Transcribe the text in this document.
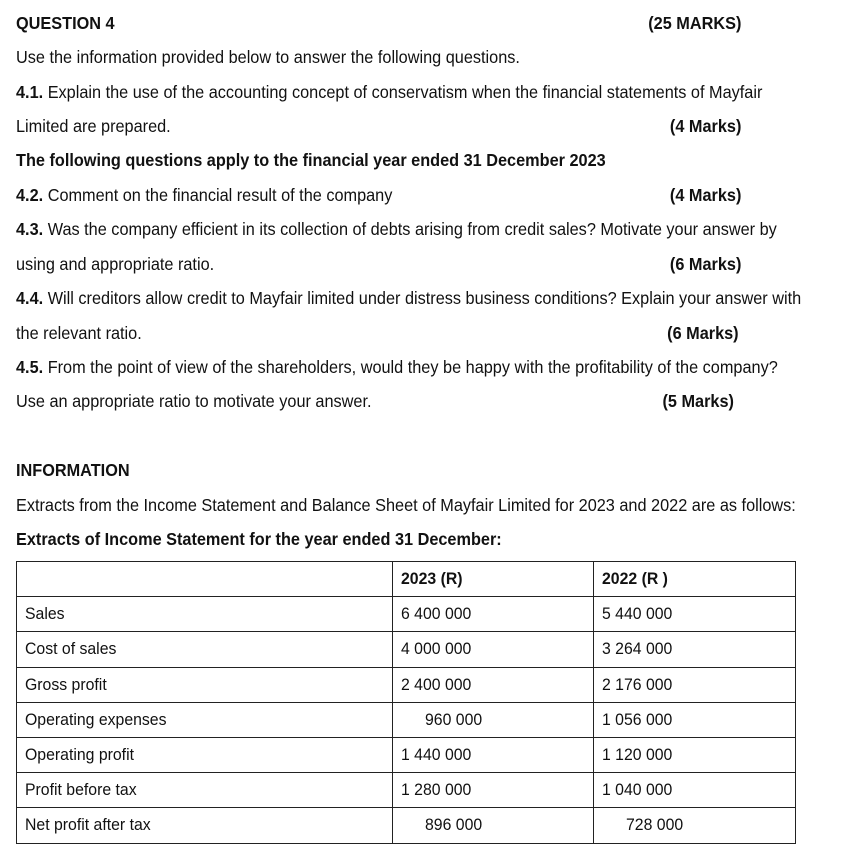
QUESTION 4	(25 MARKS)
Use the information provided below to answer the following questions.
4.1. Explain the use of the accounting concept of conservatism when the financial statements of Mayfair
Limited are prepared.	(4 Marks)
The following questions apply to the financial year ended 31 December 2023
4.2. Comment on the financial result of the company	(4 Marks)
4.3. Was the company efficient in its collection of debts arising from credit sales? Motivate your answer by
using and appropriate ratio.	(6 Marks)
4.4. Will creditors allow credit to Mayfair limited under distress business conditions? Explain your answer with
the relevant ratio.	(6 Marks)
4.5. From the point of view of the shareholders, would they be happy with the profitability of the company?
Use an appropriate ratio to motivate your answer.	(5 Marks)
INFORMATION
Extracts from the Income Statement and Balance Sheet of Mayfair Limited for 2023 and 2022 are as follows:
Extracts of Income Statement for the year ended 31 December:
	2023 (R)	2022 (R )
Sales	6 400 000	5 440 000
Cost of sales	4 000 000	3 264 000
Gross profit	2 400 000	2 176 000
Operating expenses	960 000	1 056 000
Operating profit	1 440 000	1 120 000
Profit before tax	1 280 000	1 040 000
Net profit after tax	896 000	728 000
